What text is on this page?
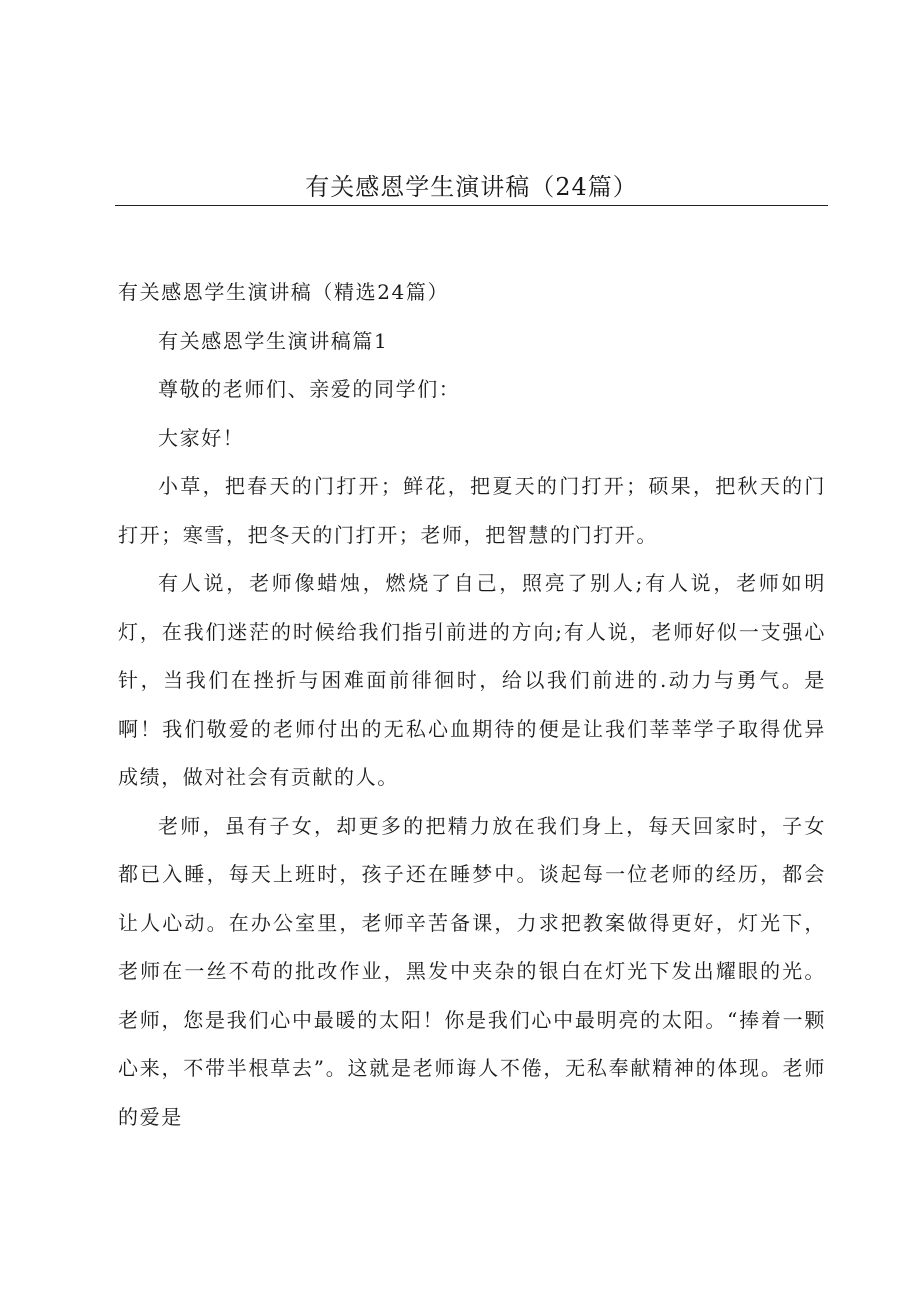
有关感恩学生演讲稿（24篇）

有关感恩学生演讲稿（精选24篇）

有关感恩学生演讲稿篇1

尊敬的老师们、亲爱的同学们：

大家好！

小草，把春天的门打开；鲜花，把夏天的门打开；硕果，把秋天的门打开；寒雪，把冬天的门打开；老师，把智慧的门打开。

有人说，老师像蜡烛，燃烧了自己，照亮了别人;有人说，老师如明灯，在我们迷茫的时候给我们指引前进的方向;有人说，老师好似一支强心针，当我们在挫折与困难面前徘徊时，给以我们前进的.动力与勇气。是啊！我们敬爱的老师付出的无私心血期待的便是让我们莘莘学子取得优异成绩，做对社会有贡献的人。

老师，虽有子女，却更多的把精力放在我们身上，每天回家时，子女都已入睡，每天上班时，孩子还在睡梦中。谈起每一位老师的经历，都会让人心动。在办公室里，老师辛苦备课，力求把教案做得更好，灯光下，老师在一丝不苟的批改作业，黑发中夹杂的银白在灯光下发出耀眼的光。老师，您是我们心中最暖的太阳！你是我们心中最明亮的太阳。“捧着一颗心来，不带半根草去”。这就是老师诲人不倦，无私奉献精神的体现。老师的爱是
